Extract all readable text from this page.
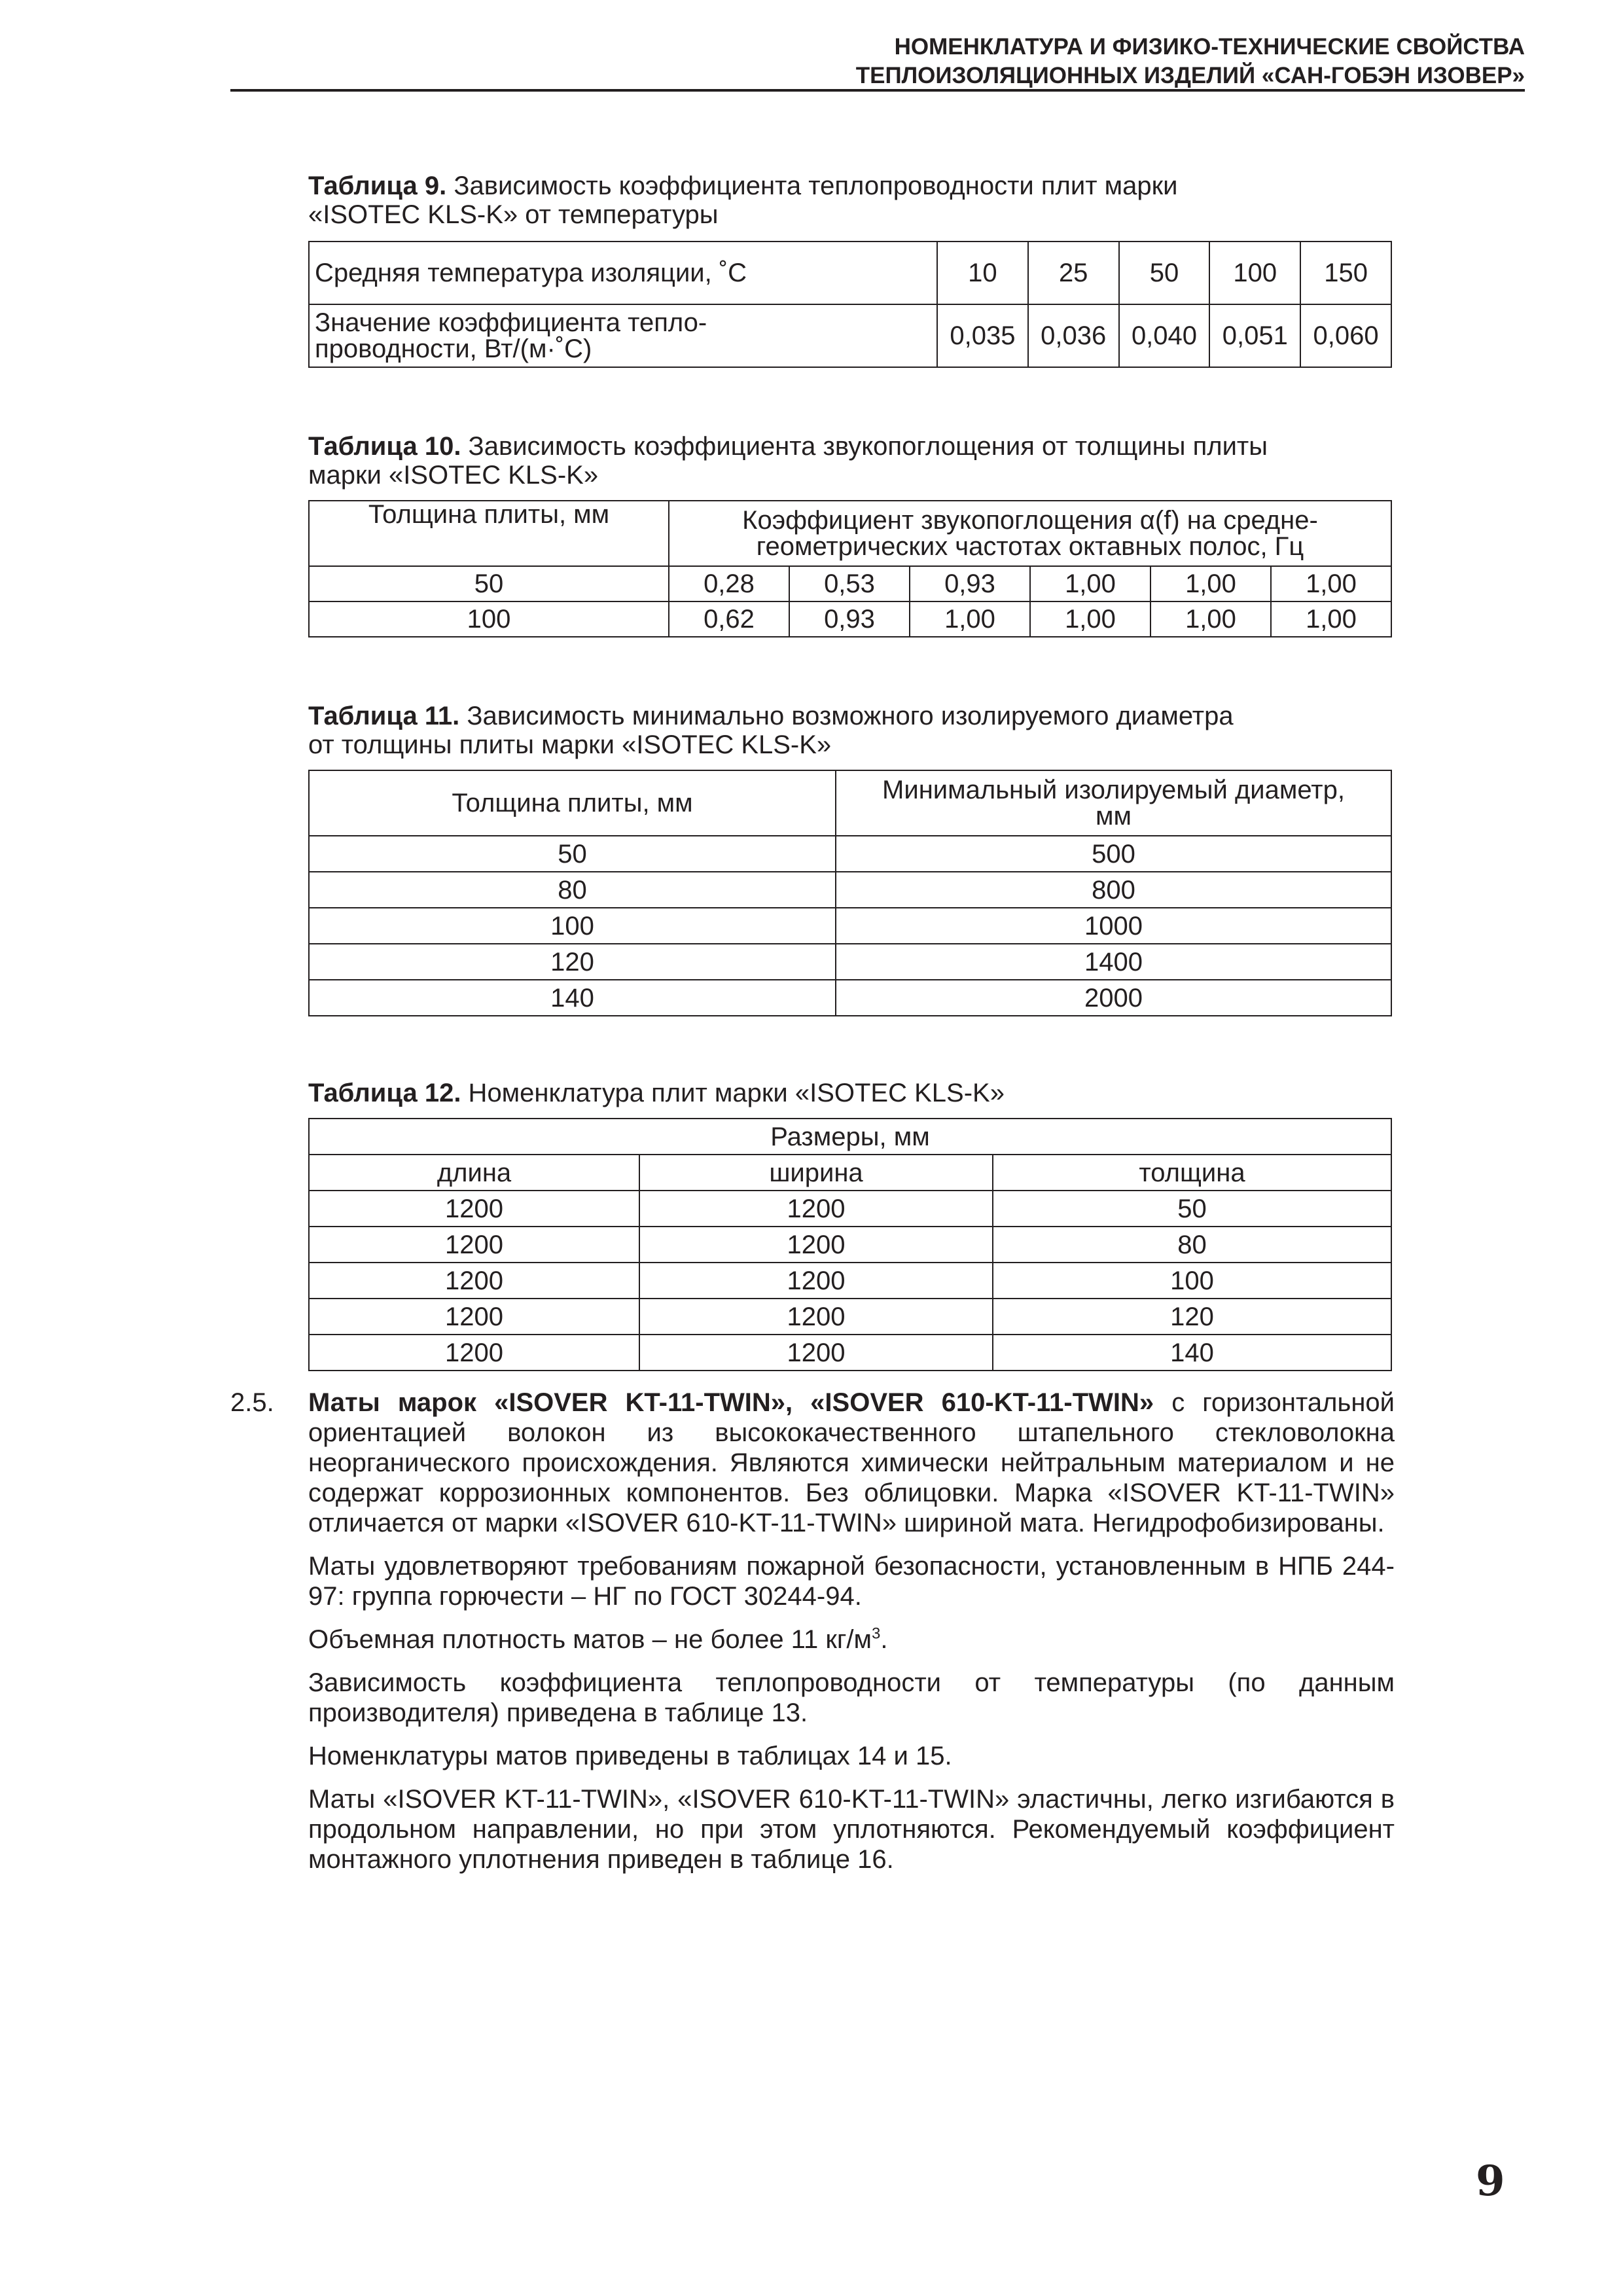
НОМЕНКЛАТУРА И ФИЗИКО-ТЕХНИЧЕСКИЕ СВОЙСТВА
ТЕПЛОИЗОЛЯЦИОННЫХ ИЗДЕЛИЙ «САН-ГОБЭН ИЗОВЕР»
Таблица 9. Зависимость коэффициента теплопроводности плит марки
«ISOTEC KLS-K» от температуры
Средняя температура изоляции, ˚С	10	25	50	100	150

Значение коэффициента тепло-
проводности, Вт/(м·˚С)	0,035	0,036	0,040	0,051	0,060
Таблица 10. Зависимость коэффициента звукопоглощения от толщины плиты
марки «ISOTEC KLS-K»
Толщина плиты, мм	Коэффициент звукопоглощения α(f) на средне-
геометрических частотах октавных полос, Гц					

50	0,28	0,53	0,93	1,00	1,00	1,00
100	0,62	0,93	1,00	1,00	1,00	1,00
Таблица 11. Зависимость минимально возможного изолируемого диаметра
от толщины плиты марки «ISOTEC KLS-K»
Толщина плиты, мм	Минимальный изолируемый диаметр,
мм

50	500
80	800
100	1000
120	1400
140	2000
Таблица 12. Номенклатура плит марки «ISOTEC KLS-K»
Размеры, мм		
длина	ширина	толщина
1200	1200	50
1200	1200	80
1200	1200	100
1200	1200	120
1200	1200	140
2.5.	Маты марок «ISOVER KT-11-TWIN», «ISOVER 610-KT-11-TWIN» с горизонтальной ориентацией волокон из высококачественного штапельного стекловолокна неорганического происхождения. Являются химически нейтральным материалом и не содержат коррозионных компонентов. Без облицовки. Марка «ISOVER KT-11-TWIN» отличается от марки «ISOVER 610-KT-11-TWIN» шириной мата. Негидрофобизированы.

Маты удовлетворяют требованиям пожарной безопасности, установленным в НПБ 244-97: группа горючести – НГ по ГОСТ 30244-94.

Объемная плотность матов – не более 11 $кг/м^3$.

Зависимость коэффициента теплопроводности от температуры (по данным производителя) приведена в таблице 13.

Номенклатуры матов приведены в таблицах 14 и 15.

Маты «ISOVER KT-11-TWIN», «ISOVER 610-KT-11-TWIN» эластичны, легко изгибаются в продольном направлении, но при этом уплотняются. Рекомендуемый коэффициент монтажного уплотнения приведен в таблице 16.

9
